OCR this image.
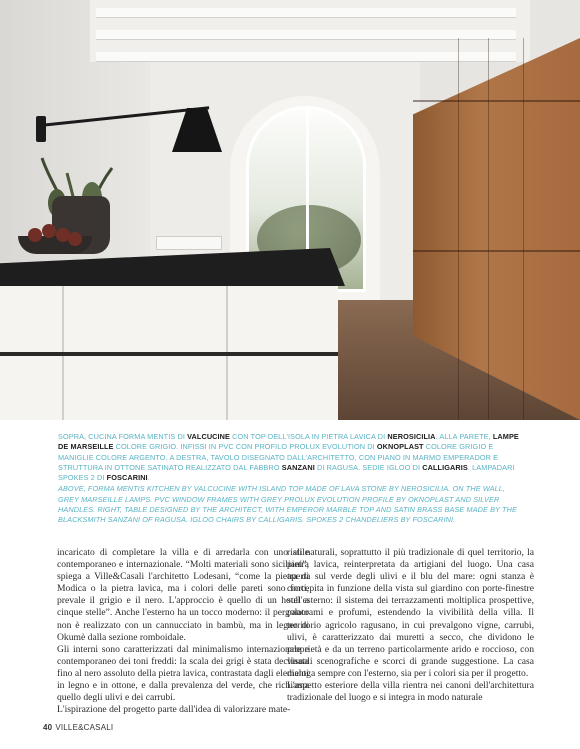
SOPRA, CUCINA FORMA MENTIS DI VALCUCINE CON TOP DELL'ISOLA IN PIETRA LAVICA DI NEROSICILIA. ALLA PARETE, LAMPE DE MARSEILLE COLORE GRIGIO. INFISSI IN PVC CON PROFILO PROLUX EVOLUTION DI OKNOPLAST COLORE GRIGIO E MANIGLIE COLORE ARGENTO. A DESTRA, TAVOLO DISEGNATO DALL'ARCHITETTO, CON PIANO IN MARMO EMPERADOR E STRUTTURA IN OTTONE SATINATO REALIZZATO DAL FABBRO SANZANI DI RAGUSA. SEDIE IGLOO DI CALLIGARIS. LAMPADARI SPOKES 2 DI FOSCARINI.
ABOVE, FORMA MENTIS KITCHEN BY VALCUCINE WITH ISLAND TOP MADE OF LAVA STONE BY NEROSICILIA. ON THE WALL, GREY MARSEILLE LAMPS. PVC WINDOW FRAMES WITH GREY PROLUX EVOLUTION PROFILE BY OKNOPLAST AND SILVER HANDLES. RIGHT, TABLE DESIGNED BY THE ARCHITECT, WITH EMPEROR MARBLE TOP AND SATIN BRASS BASE MADE BY THE BLACKSMITH SANZANI OF RAGUSA. IGLOO CHAIRS BY CALLIGARIS. SPOKES 2 CHANDELIERS BY FOSCARINI.

incaricato di completare la villa e di arredarla con uno stile contemporaneo e internazionale. “Molti materiali sono siciliani”, spiega a Ville&Casali l'architetto Lodesani, “come la pietra di Modica o la pietra lavica, ma i colori delle pareti sono forti, prevale il grigio e il nero. L'approccio è quello di un hotel a cinque stelle”. Anche l'esterno ha un tocco moderno: il pergolato non è realizzato con un cannucciato in bambù, ma in legno di Okumè dalla sezione romboidale.

Gli interni sono caratterizzati dal minimalismo internazionale e contemporaneo dei toni freddi: la scala dei grigi è stata declinata fino al nero assoluto della pietra lavica, contrastata dagli elementi in legno e in ottone, e dalla prevalenza del verde, che richiama quello degli ulivi e dei carrubi.

L'ispirazione del progetto parte dall'idea di valorizzare mate-

riali naturali, soprattutto il più tradizionale di quel territorio, la pietra lavica, reinterpretata da artigiani del luogo. Una casa aperta sul verde degli ulivi e il blu del mare: ogni stanza è concepita in funzione della vista sul giardino con porte-finestre sull'esterno: il sistema dei terrazzamenti moltiplica prospettive, panorami e profumi, estendendo la vivibilità della villa. Il territorio agricolo ragusano, in cui prevalgono vigne, carrubi, ulivi, è caratterizzato dai muretti a secco, che dividono le proprietà e da un terreno particolarmente arido e roccioso, con visuali scenografiche e scorci di grande suggestione. La casa dialoga sempre con l'esterno, sia per i colori sia per il progetto.

L'aspetto esteriore della villa rientra nei canoni dell'architettura tradizionale del luogo e si integra in modo naturale

40 VILLE&CASALI
